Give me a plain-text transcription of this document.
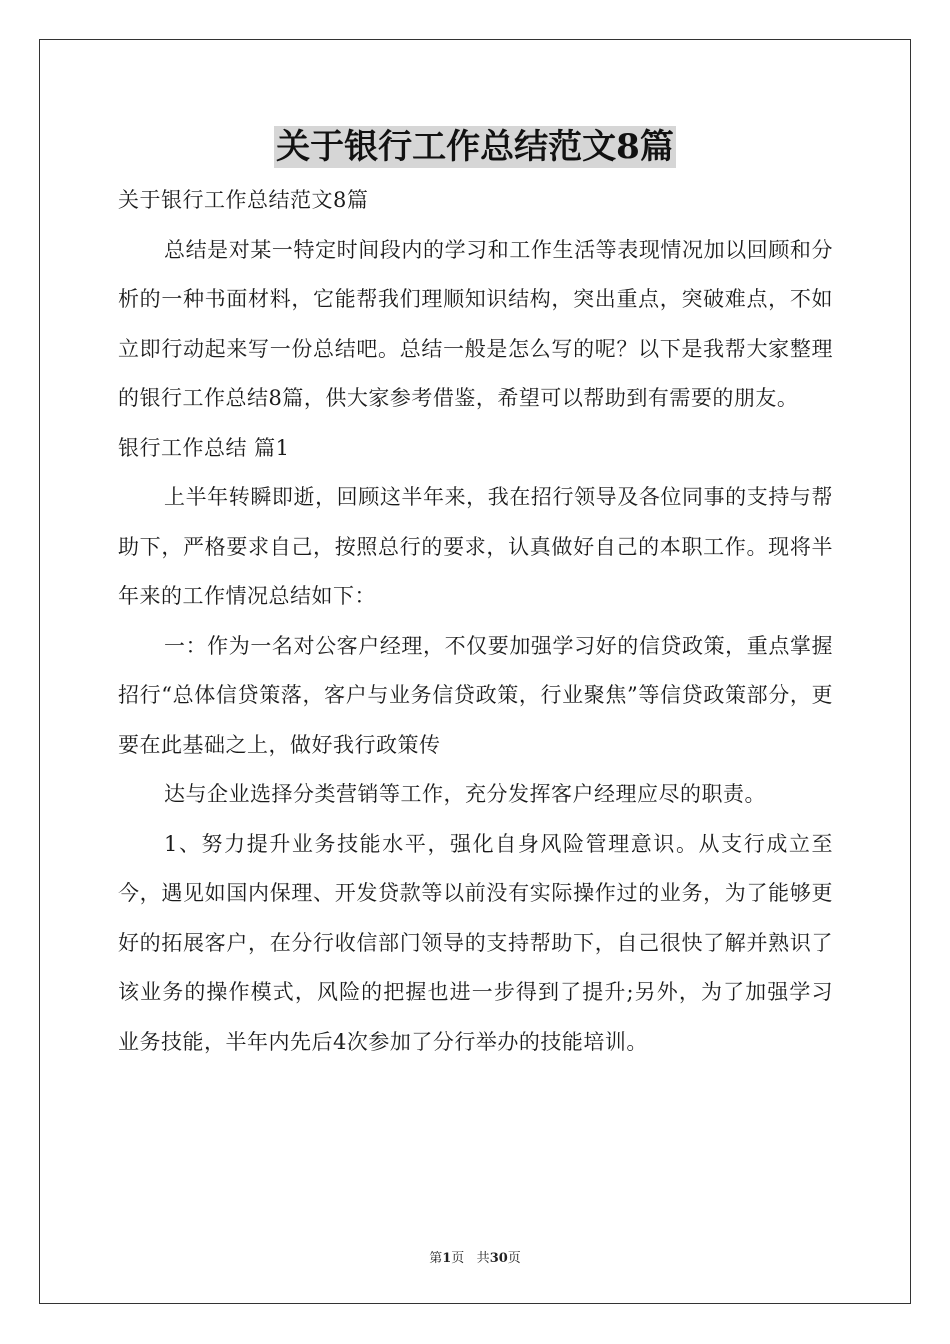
关于银行工作总结范文8篇

关于银行工作总结范文8篇

总结是对某一特定时间段内的学习和工作生活等表现情况加以回顾和分析的一种书面材料，它能帮我们理顺知识结构，突出重点，突破难点，不如立即行动起来写一份总结吧。总结一般是怎么写的呢？以下是我帮大家整理的银行工作总结8篇，供大家参考借鉴，希望可以帮助到有需要的朋友。

银行工作总结 篇1

上半年转瞬即逝，回顾这半年来，我在招行领导及各位同事的支持与帮助下，严格要求自己，按照总行的要求，认真做好自己的本职工作。现将半年来的工作情况总结如下：

一：作为一名对公客户经理，不仅要加强学习好的信贷政策，重点掌握招行“总体信贷策落，客户与业务信贷政策，行业聚焦”等信贷政策部分，更要在此基础之上，做好我行政策传

达与企业选择分类营销等工作，充分发挥客户经理应尽的职责。

1、努力提升业务技能水平，强化自身风险管理意识。从支行成立至今，遇见如国内保理、开发贷款等以前没有实际操作过的业务，为了能够更好的拓展客户，在分行收信部门领导的支持帮助下，自己很快了解并熟识了该业务的操作模式，风险的把握也进一步得到了提升;另外，为了加强学习业务技能，半年内先后4次参加了分行举办的技能培训。

第1页 共30页
